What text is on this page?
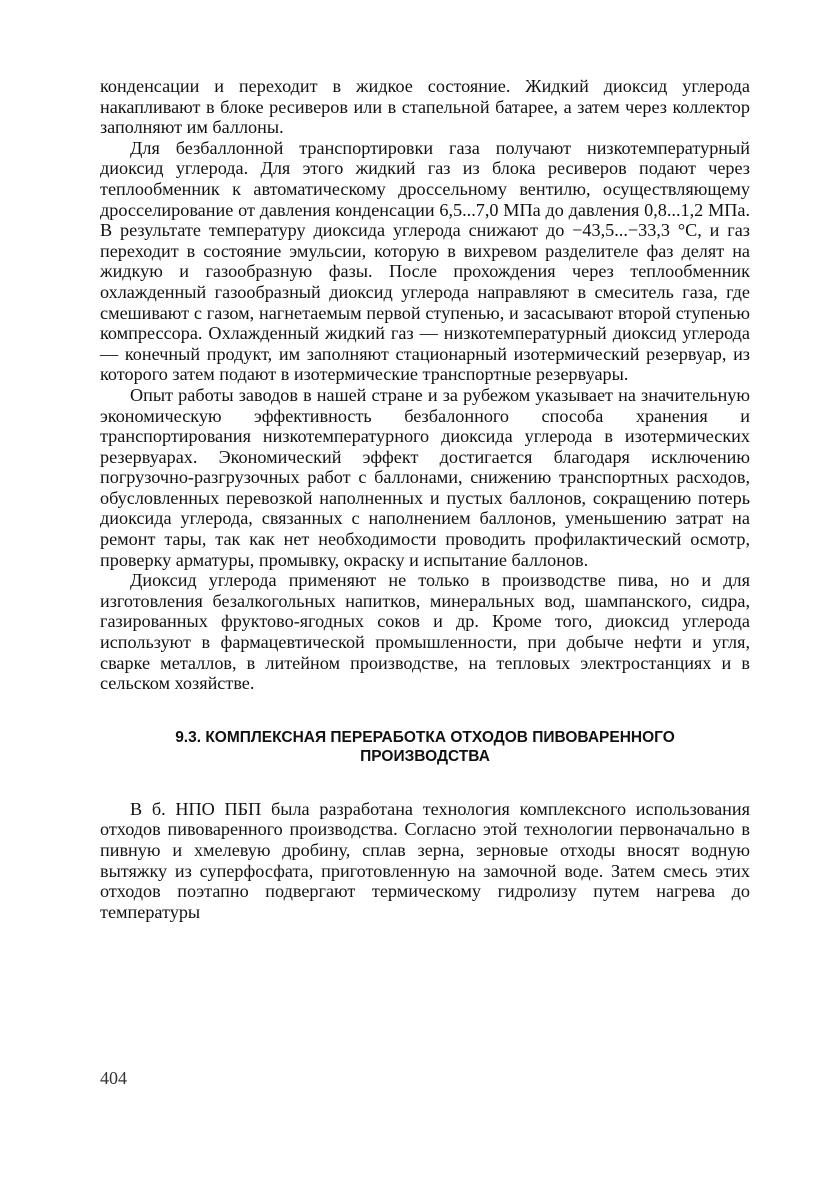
конденсации и переходит в жидкое состояние. Жидкий диоксид углерода накапливают в блоке ресиверов или в стапельной батарее, а затем через коллектор заполняют им баллоны.

Для безбаллонной транспортировки газа получают низкотемпературный диоксид углерода. Для этого жидкий газ из блока ресиверов подают через теплообменник к автоматическому дроссельному вентилю, осуществляющему дросселирование от давления конденсации 6,5...7,0 МПа до давления 0,8...1,2 МПа. В результате температуру диоксида углерода снижают до −43,5...−33,3 °С, и газ переходит в состояние эмульсии, которую в вихревом разделителе фаз делят на жидкую и газообразную фазы. После прохождения через теплообменник охлажденный газообразный диоксид углерода направляют в смеситель газа, где смешивают с газом, нагнетаемым первой ступенью, и засасывают второй ступенью компрессора. Охлажденный жидкий газ — низкотемпературный диоксид углерода — конечный продукт, им заполняют стационарный изотермический резервуар, из которого затем подают в изотермические транспортные резервуары.

Опыт работы заводов в нашей стране и за рубежом указывает на значительную экономическую эффективность безбалонного способа хранения и транспортирования низкотемпературного диоксида углерода в изотермических резервуарах. Экономический эффект достигается благодаря исключению погрузочно-разгрузочных работ с баллонами, снижению транспортных расходов, обусловленных перевозкой наполненных и пустых баллонов, сокращению потерь диоксида углерода, связанных с наполнением баллонов, уменьшению затрат на ремонт тары, так как нет необходимости проводить профилактический осмотр, проверку арматуры, промывку, окраску и испытание баллонов.

Диоксид углерода применяют не только в производстве пива, но и для изготовления безалкогольных напитков, минеральных вод, шампанского, сидра, газированных фруктово-ягодных соков и др. Кроме того, диоксид углерода используют в фармацевтической промышленности, при добыче нефти и угля, сварке металлов, в литейном производстве, на тепловых электростанциях и в сельском хозяйстве.

9.3. КОМПЛЕКСНАЯ ПЕРЕРАБОТКА ОТХОДОВ ПИВОВАРЕННОГО ПРОИЗВОДСТВА

В б. НПО ПБП была разработана технология комплексного использования отходов пивоваренного производства. Согласно этой технологии первоначально в пивную и хмелевую дробину, сплав зерна, зерновые отходы вносят водную вытяжку из суперфосфата, приготовленную на замочной воде. Затем смесь этих отходов поэтапно подвергают термическому гидролизу путем нагрева до температуры

404
